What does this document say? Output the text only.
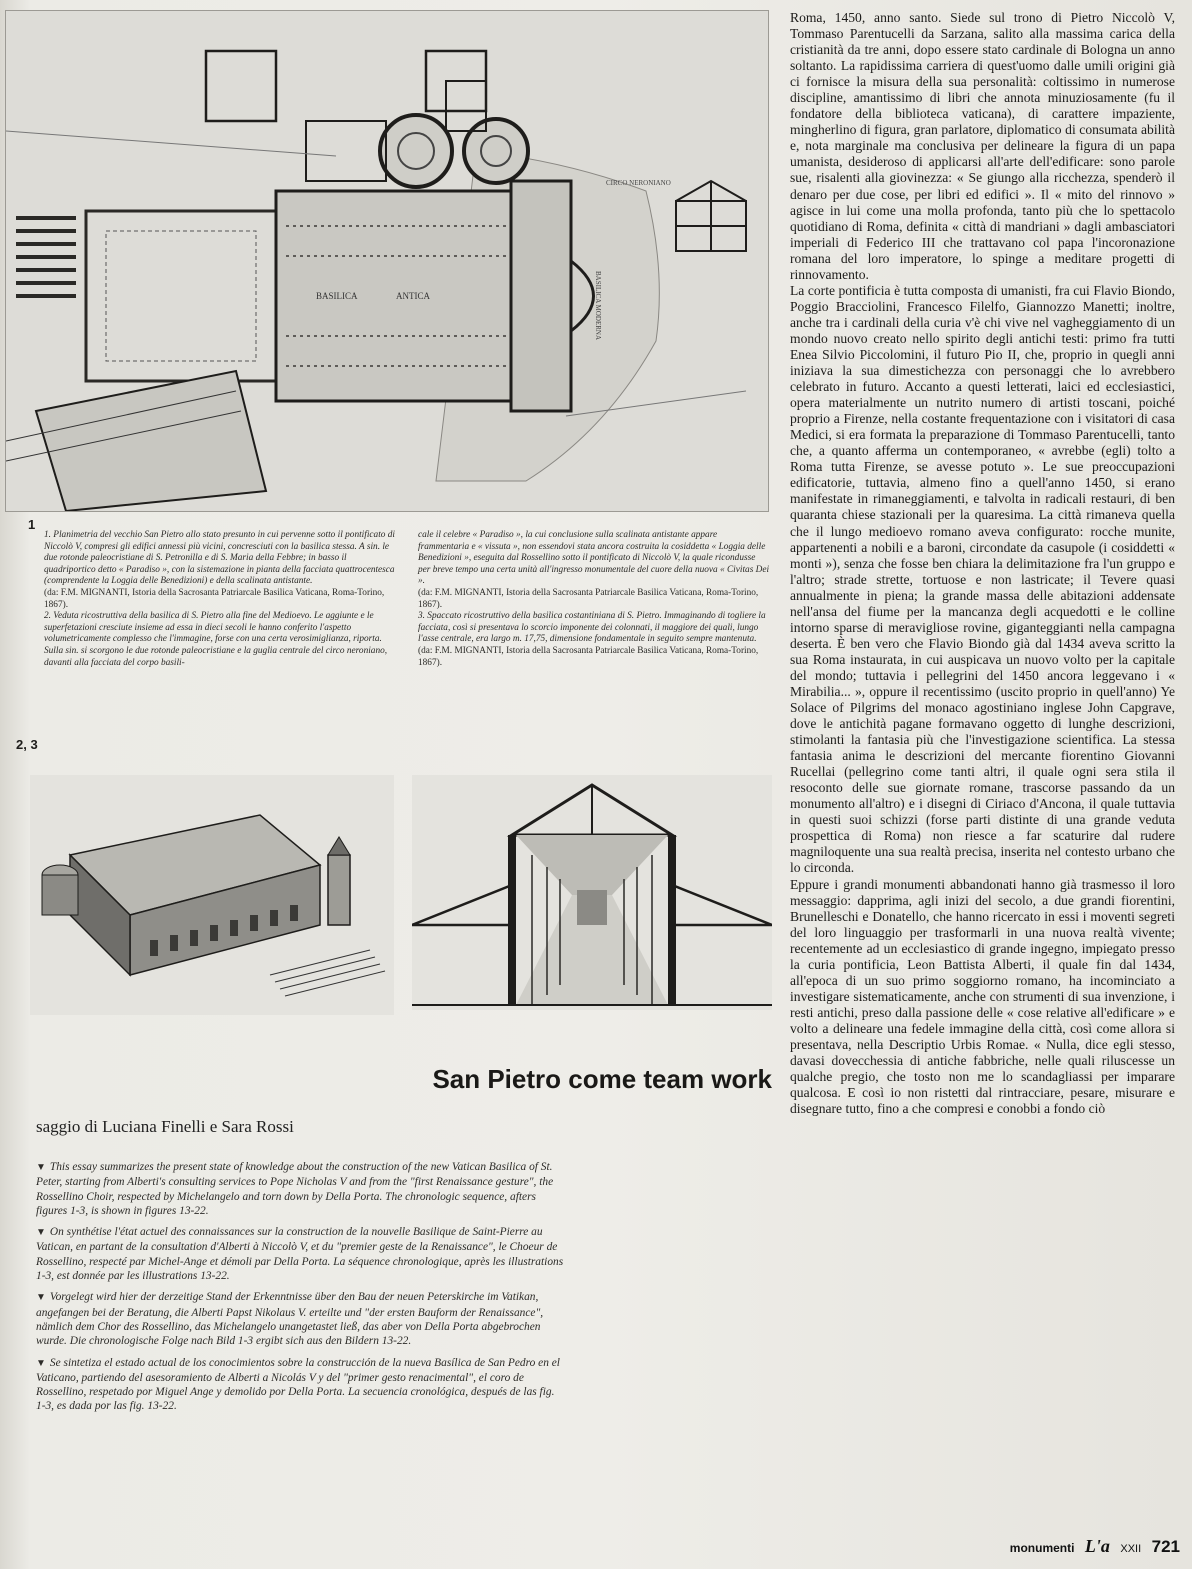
BASILICA	ANTICA
CIRCO NERONIANO
BASILICA MODERNA
1

1. Planimetria del vecchio San Pietro allo stato presunto in cui pervenne sotto il pontificato di Niccolò V, compresi gli edifici annessi più vicini, concresciuti con la basilica stessa. A sin. le due rotonde paleocristiane di S. Petronilla e di S. Maria della Febbre; in basso il quadriportico detto « Paradiso », con la sistemazione in pianta della facciata quattrocentesca (comprendente la Loggia delle Benedizioni) e della scalinata antistante.

(da: F.M. MIGNANTI, Istoria della Sacrosanta Patriarcale Basilica Vaticana, Roma-Torino, 1867).

2. Veduta ricostruttiva della basilica di S. Pietro alla fine del Medioevo. Le aggiunte e le superfetazioni cresciute insieme ad essa in dieci secoli le hanno conferito l'aspetto volumetricamente complesso che l'immagine, forse con una certa verosimiglianza, riporta. Sulla sin. si scorgono le due rotonde paleocristiane e la guglia centrale del circo neroniano, davanti alla facciata del corpo basili-

cale il celebre « Paradiso », la cui conclusione sulla scalinata antistante appare frammentaria e « vissuta », non essendovi stata ancora costruita la cosiddetta « Loggia delle Benedizioni », eseguita dal Rossellino sotto il pontificato di Niccolò V, la quale ricondusse per breve tempo una certa unità all'ingresso monumentale del cuore della nuova « Civitas Dei ».

(da: F.M. MIGNANTI, Istoria della Sacrosanta Patriarcale Basilica Vaticana, Roma-Torino, 1867).

3. Spaccato ricostruttivo della basilica costantiniana di S. Pietro. Immaginando di togliere la facciata, così si presentava lo scorcio imponente dei colonnati, il maggiore dei quali, lungo l'asse centrale, era largo m. 17,75, dimensione fondamentale in seguito sempre mantenuta.

(da: F.M. MIGNANTI, Istoria della Sacrosanta Patriarcale Basilica Vaticana, Roma-Torino, 1867).

2, 3
San Pietro come team work
saggio di Luciana Finelli e Sara Rossi

▼ This essay summarizes the present state of knowledge about the construction of the new Vatican Basilica of St. Peter, starting from Alberti's consulting services to Pope Nicholas V and from the "first Renaissance gesture", the Rossellino Choir, respected by Michelangelo and torn down by Della Porta. The chronologic sequence, afters figures 1-3, is shown in figures 13-22.

▼ On synthétise l'état actuel des connaissances sur la construction de la nouvelle Basilique de Saint-Pierre au Vatican, en partant de la consultation d'Alberti à Niccolò V, et du "premier geste de la Renaissance", le Choeur de Rossellino, respecté par Michel-Ange et démoli par Della Porta. La séquence chronologique, après les illustrations 1-3, est donnée par les illustrations 13-22.

▼ Vorgelegt wird hier der derzeitige Stand der Erkenntnisse über den Bau der neuen Peterskirche im Vatikan, angefangen bei der Beratung, die Alberti Papst Nikolaus V. erteilte und "der ersten Bauform der Renaissance", nämlich dem Chor des Rossellino, das Michelangelo unangetastet ließ, das aber von Della Porta abgebrochen wurde. Die chronologische Folge nach Bild 1-3 ergibt sich aus den Bildern 13-22.

▼ Se sintetiza el estado actual de los conocimientos sobre la construcción de la nueva Basílica de San Pedro en el Vaticano, partiendo del asesoramiento de Alberti a Nicolás V y del "primer gesto renacimental", el coro de Rossellino, respetado por Miguel Ange y demolido por Della Porta. La secuencia cronológica, después de las fig. 1-3, es dada por las fig. 13-22.

Roma, 1450, anno santo. Siede sul trono di Pietro Niccolò V, Tommaso Parentucelli da Sarzana, salito alla massima carica della cristianità da tre anni, dopo essere stato cardinale di Bologna un anno soltanto. La rapidissima carriera di quest'uomo dalle umili origini già ci fornisce la misura della sua personalità: coltissimo in numerose discipline, amantissimo di libri che annota minuziosamente (fu il fondatore della biblioteca vaticana), di carattere impaziente, mingherlino di figura, gran parlatore, diplomatico di consumata abilità e, nota marginale ma conclusiva per delineare la figura di un papa umanista, desideroso di applicarsi all'arte dell'edificare: sono parole sue, risalenti alla giovinezza: « Se giungo alla ricchezza, spenderò il denaro per due cose, per libri ed edifici ». Il « mito del rinnovo » agisce in lui come una molla profonda, tanto più che lo spettacolo quotidiano di Roma, definita « città di mandriani » dagli ambasciatori imperiali di Federico III che trattavano col papa l'incoronazione romana del loro imperatore, lo spinge a meditare progetti di rinnovamento.

La corte pontificia è tutta composta di umanisti, fra cui Flavio Biondo, Poggio Bracciolini, Francesco Filelfo, Giannozzo Manetti; inoltre, anche tra i cardinali della curia v'è chi vive nel vagheggiamento di un mondo nuovo creato nello spirito degli antichi testi: primo fra tutti Enea Silvio Piccolomini, il futuro Pio II, che, proprio in quegli anni iniziava la sua dimestichezza con personaggi che lo avrebbero celebrato in futuro. Accanto a questi letterati, laici ed ecclesiastici, opera materialmente un nutrito numero di artisti toscani, poiché proprio a Firenze, nella costante frequentazione con i visitatori di casa Medici, si era formata la preparazione di Tommaso Parentucelli, tanto che, a quanto afferma un contemporaneo, « avrebbe (egli) tolto a Roma tutta Firenze, se avesse potuto ». Le sue preoccupazioni edificatorie, tuttavia, almeno fino a quell'anno 1450, si erano manifestate in rimaneggiamenti, e talvolta in radicali restauri, di ben quaranta chiese stazionali per la quaresima. La città rimaneva quella che il lungo medioevo romano aveva configurato: rocche munite, appartenenti a nobili e a baroni, circondate da casupole (i cosiddetti « monti »), senza che fosse ben chiara la delimitazione fra l'un gruppo e l'altro; strade strette, tortuose e non lastricate; il Tevere quasi annualmente in piena; la grande massa delle abitazioni addensate nell'ansa del fiume per la mancanza degli acquedotti e le colline intorno sparse di meravigliose rovine, giganteggianti nella campagna deserta. È ben vero che Flavio Biondo già dal 1434 aveva scritto la sua Roma instaurata, in cui auspicava un nuovo volto per la capitale del mondo; tuttavia i pellegrini del 1450 ancora leggevano i « Mirabilia... », oppure il recentissimo (uscito proprio in quell'anno) Ye Solace of Pilgrims del monaco agostiniano inglese John Capgrave, dove le antichità pagane formavano oggetto di lunghe descrizioni, stimolanti la fantasia più che l'investigazione scientifica. La stessa fantasia anima le descrizioni del mercante fiorentino Giovanni Rucellai (pellegrino come tanti altri, il quale ogni sera stila il resoconto delle sue giornate romane, trascorse passando da un monumento all'altro) e i disegni di Ciriaco d'Ancona, il quale tuttavia in questi suoi schizzi (forse parti distinte di una grande veduta prospettica di Roma) non riesce a far scaturire dal rudere magniloquente una sua realtà precisa, inserita nel contesto urbano che lo circonda.

Eppure i grandi monumenti abbandonati hanno già trasmesso il loro messaggio: dapprima, agli inizi del secolo, a due grandi fiorentini, Brunelleschi e Donatello, che hanno ricercato in essi i moventi segreti del loro linguaggio per trasformarli in una nuova realtà vivente; recentemente ad un ecclesiastico di grande ingegno, impiegato presso la curia pontificia, Leon Battista Alberti, il quale fin dal 1434, all'epoca di un suo primo soggiorno romano, ha incominciato a investigare sistematicamente, anche con strumenti di sua invenzione, i resti antichi, preso dalla passione delle « cose relative all'edificare » e volto a delineare una fedele immagine della città, così come allora si presentava, nella Descriptio Urbis Romae. « Nulla, dice egli stesso, davasi dovecchessia di antiche fabbriche, nelle quali riluscesse un qualche pregio, che tosto non me lo scandagliassi per imparare qualcosa. E così io non ristetti dal rintracciare, pesare, misurare e disegnare tutto, fino a che compresi e conobbi a fondo ciò

monumenti L'a XXII 721
